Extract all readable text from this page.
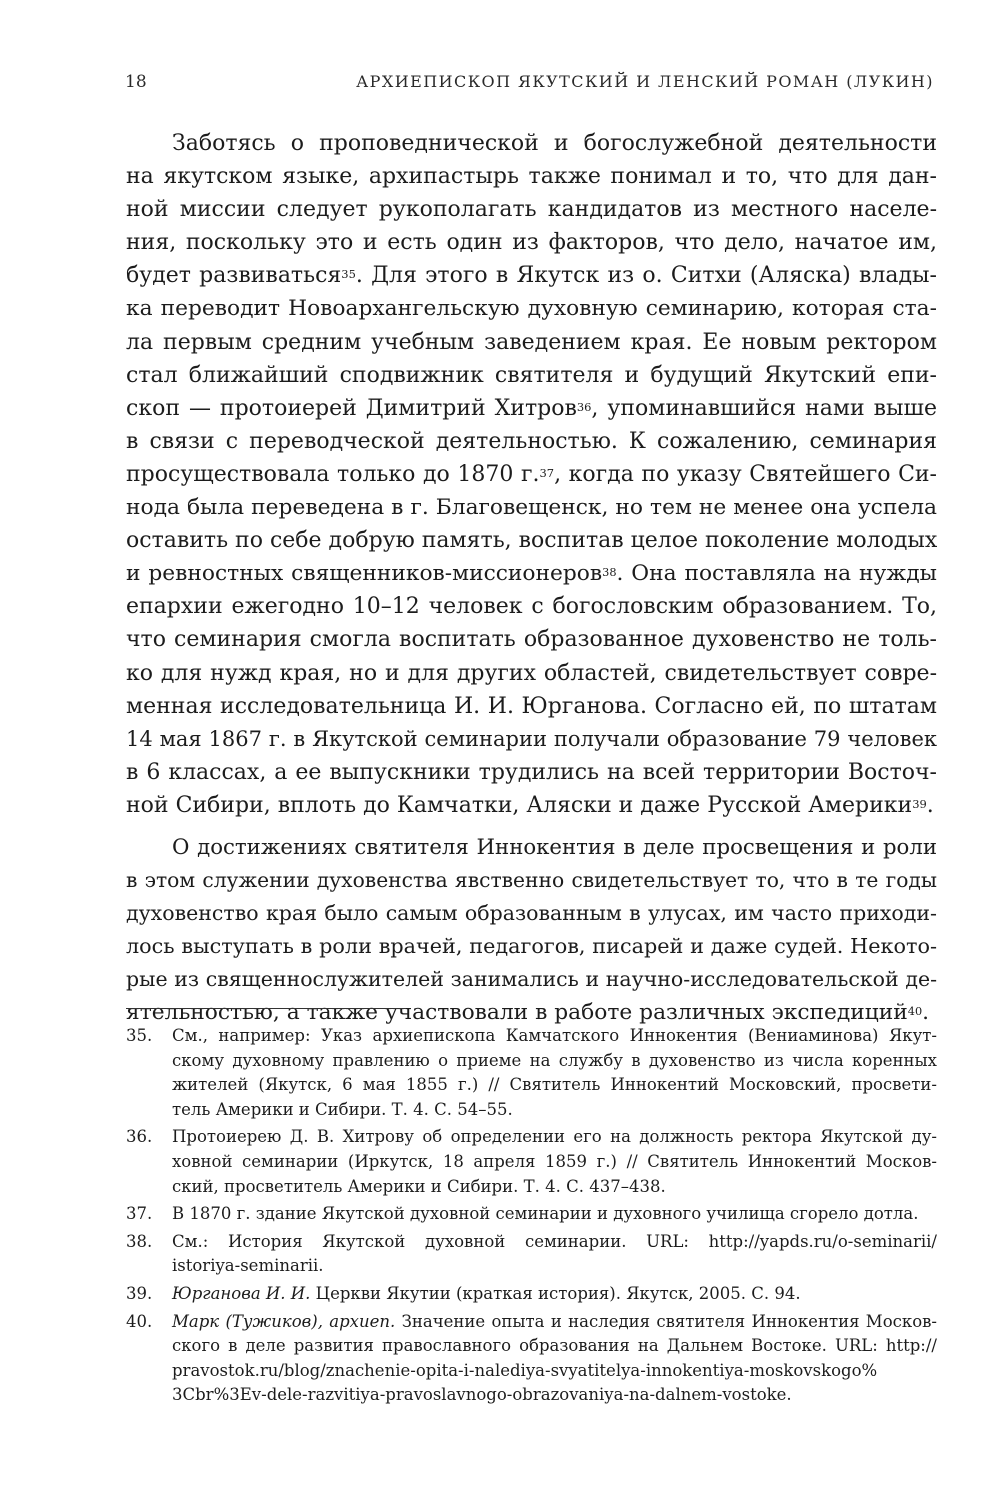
18	АРХИЕПИСКОП ЯКУТСКИЙ И ЛЕНСКИЙ РОМАН (ЛУКИН)
Заботясь о проповеднической и богослужебной деятельности
на якутском языке, архипастырь также понимал и то, что для дан-
ной миссии следует рукополагать кандидатов из местного населе-
ния, поскольку это и есть один из факторов, что дело, начатое им,
будет развиваться$^{35}$. Для этого в Якутск из о. Ситхи (Аляска) влады-
ка переводит Новоархангельскую духовную семинарию, которая ста-
ла первым средним учебным заведением края. Ее новым ректором
стал ближайший сподвижник святителя и будущий Якутский епи-
скоп — протоиерей Димитрий Хитров$^{36}$, упоминавшийся нами выше
в связи с переводческой деятельностью. К сожалению, семинария
просуществовала только до 1870 г.$^{37}$, когда по указу Святейшего Си-
нода была переведена в г. Благовещенск, но тем не менее она успела
оставить по себе добрую память, воспитав целое поколение молодых
и ревностных священников-миссионеров$^{38}$. Она поставляла на нужды
епархии ежегодно 10–12 человек с богословским образованием. То,
что семинария смогла воспитать образованное духовенство не толь-
ко для нужд края, но и для других областей, свидетельствует совре-
менная исследовательница И. И. Юрганова. Согласно ей, по штатам
14 мая 1867 г. в Якутской семинарии получали образование 79 человек
в 6 классах, а ее выпускники трудились на всей территории Восточ-
ной Сибири, вплоть до Камчатки, Аляски и даже Русской Америки$^{39}$.
О достижениях святителя Иннокентия в деле просвещения и роли
в этом служении духовенства явственно свидетельствует то, что в те годы
духовенство края было самым образованным в улусах, им часто приходи-
лось выступать в роли врачей, педагогов, писарей и даже судей. Некото-
рые из священнослужителей занимались и научно-исследовательской де-
ятельностью, а также участвовали в работе различных экспедиций$^{40}$.
35.	См., например: Указ архиепископа Камчатского Иннокентия (Вениаминова) Якут-
скому духовному правлению о приеме на службу в духовенство из числа коренных
жителей (Якутск, 6 мая 1855 г.) // Святитель Иннокентий Московский, просвети-
тель Америки и Сибири. Т. 4. С. 54–55.
36.	Протоиерею Д. В. Хитрову об определении его на должность ректора Якутской ду-
ховной семинарии (Иркутск, 18 апреля 1859 г.) // Святитель Иннокентий Москов-
ский, просветитель Америки и Сибири. Т. 4. С. 437–438.
37.	В 1870 г. здание Якутской духовной семинарии и духовного училища сгорело дотла.
38.	См.: История Якутской духовной семинарии. URL: http://yapds.ru/o-seminarii/
istoriya-seminarii.
39.	Юрганова И. И. Церкви Якутии (краткая история). Якутск, 2005. С. 94.
40.	Марк (Тужиков), архиеп. Значение опыта и наследия святителя Иннокентия Москов-
ского в деле развития православного образования на Дальнем Востоке. URL: http://
pravostok.ru/blog/znachenie-opita-i-nalediya-svyatitelya-innokentiya-moskovskogo%
3Cbr%3Ev-dele-razvitiya-pravoslavnogo-obrazovaniya-na-dalnem-vostoke.
